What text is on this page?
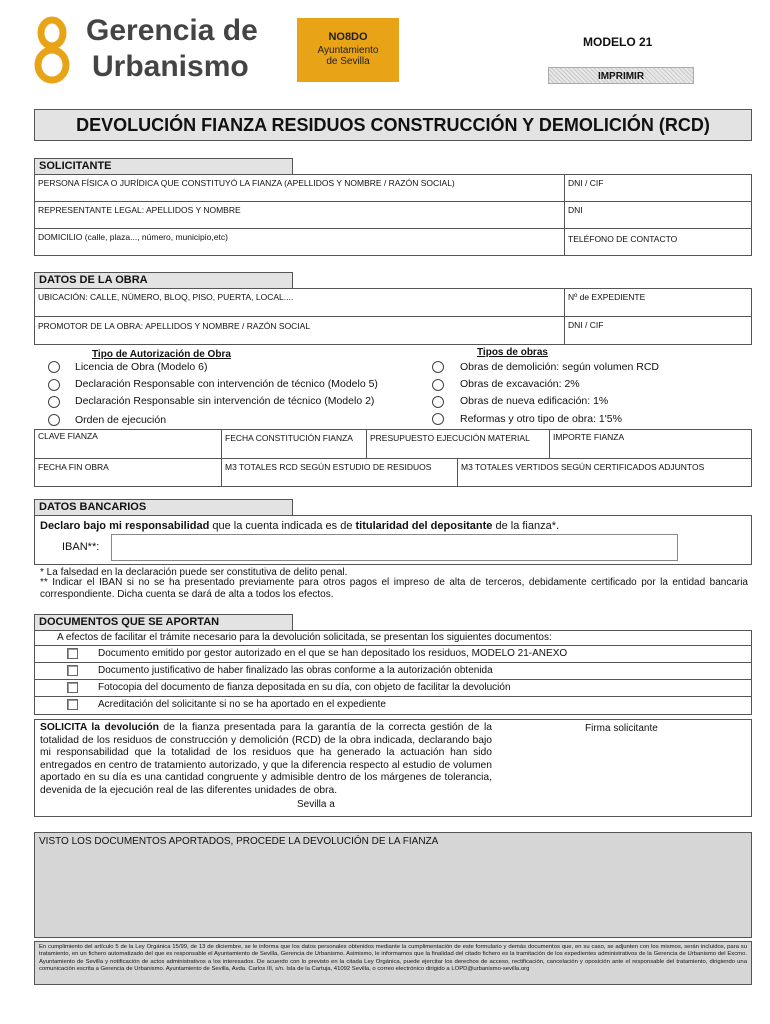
Gerencia de
Urbanismo
NO8DO
Ayuntamiento
de Sevilla
MODELO 21
IMPRIMIR
DEVOLUCIÓN FIANZA RESIDUOS CONSTRUCCIÓN Y DEMOLICIÓN (RCD)
SOLICITANTE
PERSONA FÍSICA O JURÍDICA QUE CONSTITUYÓ LA FIANZA (APELLIDOS Y NOMBRE / RAZÓN SOCIAL)	DNI / CIF
REPRESENTANTE LEGAL: APELLIDOS Y NOMBRE	DNI
DOMICILIO (calle, plaza..., número, municipio,etc)	TELÉFONO DE CONTACTO
DATOS DE LA OBRA
UBICACIÓN: CALLE, NÚMERO, BLOQ, PISO, PUERTA, LOCAL....	Nº de EXPEDIENTE
PROMOTOR DE LA OBRA: APELLIDOS Y NOMBRE / RAZÓN SOCIAL	DNI / CIF
Tipo de Autorización de Obra	Tipos de obras
Licencia de Obra (Modelo 6)
Declaración Responsable con intervención de técnico (Modelo 5)
Declaración Responsable sin intervención de técnico (Modelo 2)
Orden de ejecución
Obras de demolición: según volumen RCD
Obras de excavación: 2%
Obras de nueva edificación: 1%
Reformas y otro tipo de obra: 1'5%
CLAVE FIANZA	FECHA CONSTITUCIÓN FIANZA	PRESUPUESTO EJECUCIÓN MATERIAL	IMPORTE FIANZA
FECHA FIN OBRA	M3 TOTALES RCD SEGÚN ESTUDIO DE RESIDUOS	M3 TOTALES VERTIDOS SEGÚN CERTIFICADOS ADJUNTOS
DATOS BANCARIOS
Declaro bajo mi responsabilidad que la cuenta indicada es de titularidad del depositante de la fianza*.
IBAN**:
* La falsedad en la declaración puede ser constitutiva de delito penal.
** Indicar el IBAN si no se ha presentado previamente para otros pagos el impreso de alta de terceros, debidamente certificado por la entidad bancaria correspondiente. Dicha cuenta se dará de alta a todos los efectos.
DOCUMENTOS QUE SE APORTAN
A efectos de facilitar el trámite necesario para la devolución solicitada, se presentan los siguientes documentos:
Documento emitido por gestor autorizado en el que se han depositado los residuos, MODELO 21-ANEXO
Documento justificativo de haber finalizado las obras conforme a la autorización obtenida
Fotocopia del documento de fianza depositada en su día, con objeto de facilitar la devolución
Acreditación del solicitante si no se ha aportado en el expediente
SOLICITA la devolución de la fianza presentada para la garantía de la correcta gestión de la totalidad de los residuos de construcción y demolición (RCD) de la obra indicada, declarando bajo mi responsabilidad que la totalidad de los residuos que ha generado la actuación han sido entregados en centro de tratamiento autorizado, y que la diferencia respecto al estudio de volumen aportado en su día es una cantidad congruente y admisible dentro de los márgenes de tolerancia, devenida de la ejecución real de las diferentes unidades de obra.
Firma solicitante
Sevilla a
VISTO LOS DOCUMENTOS APORTADOS, PROCEDE LA DEVOLUCIÓN DE LA FIANZA
En cumplimiento del artículo 5 de la Ley Orgánica 15/99, de 13 de diciembre, se le informa que los datos personales obtenidos mediante la cumplimentación de este formulario y demás documentos que, en su caso, se adjunten con los mismos, serán incluidos, para su tratamiento, en un fichero automatizado del que es responsable el Ayuntamiento de Sevilla, Gerencia de Urbanismo. Asimismo, le informamos que la finalidad del citado fichero es la tramitación de los expedientes administrativos de la Gerencia de Urbanismo del Excmo. Ayuntamiento de Sevilla y notificación de actos administrativos a los interesados. De acuerdo con lo previsto en la citada Ley Orgánica, puede ejercitar los derechos de acceso, rectificación, cancelación y oposición ante el responsable del tratamiento, dirigiendo una comunicación escrita a Gerencia de Urbanismo. Ayuntamiento de Sevilla, Avda. Carlos III, s/n. Isla de la Cartuja, 41092 Sevilla, o correo electrónico dirigido a LOPD@urbanismo-sevilla.org
